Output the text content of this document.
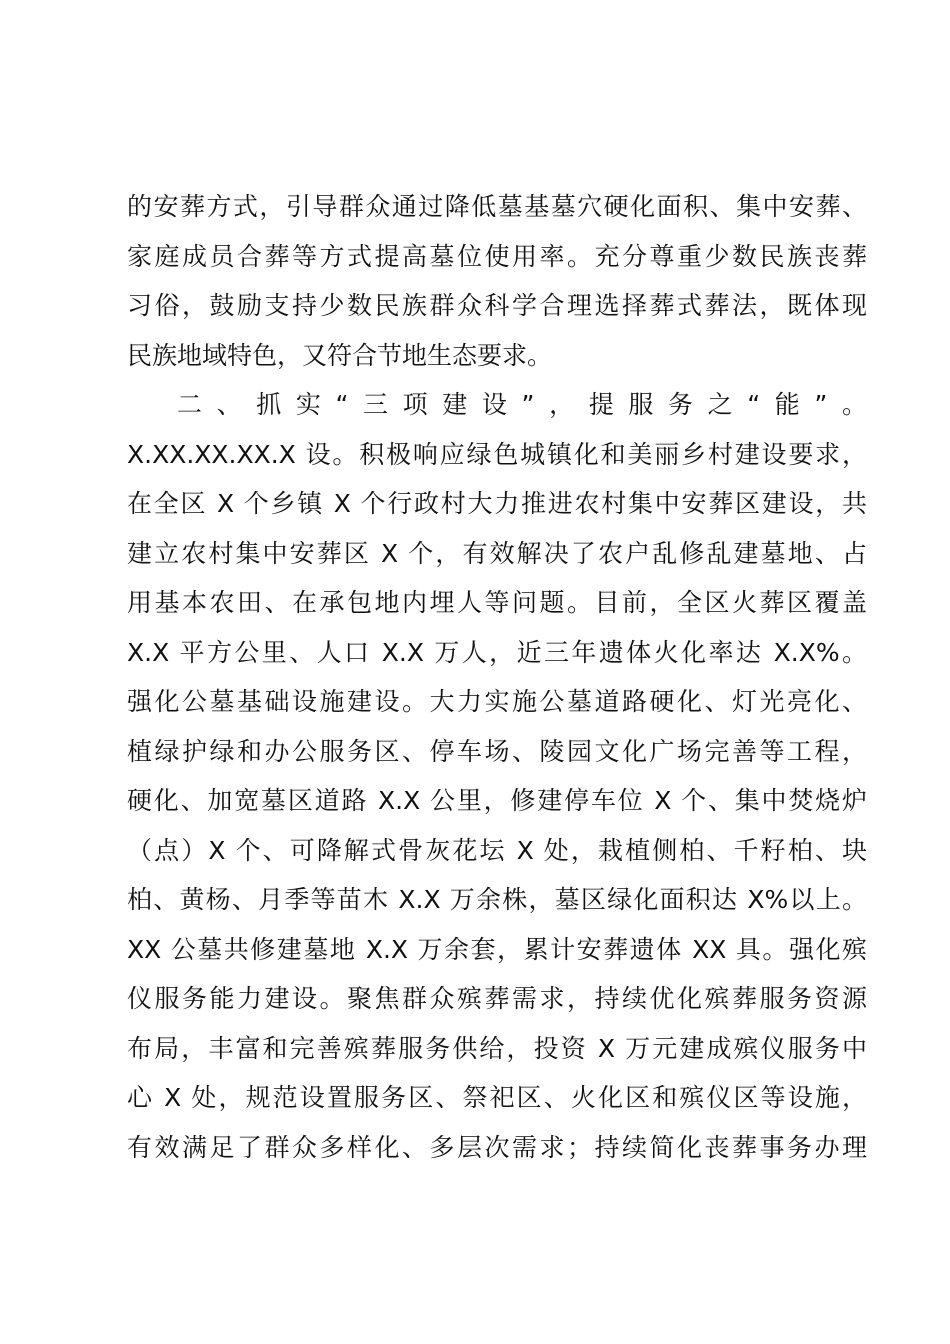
的安葬方式，引导群众通过降低墓基墓穴硬化面积、集中安葬、
家庭成员合葬等方式提高墓位使用率。充分尊重少数民族丧葬
习俗，鼓励支持少数民族群众科学合理选择葬式葬法，既体现
民族地域特色，又符合节地生态要求。
二、抓实“三项建设”，提服务之“能”。
X.XX.XX.XX.X 设。积极响应绿色城镇化和美丽乡村建设要求，
在全区 X 个乡镇 X 个行政村大力推进农村集中安葬区建设，共
建立农村集中安葬区 X 个，有效解决了农户乱修乱建墓地、占
用基本农田、在承包地内埋人等问题。目前，全区火葬区覆盖
X.X 平方公里、人口 X.X 万人，近三年遗体火化率达 X.X%。
强化公墓基础设施建设。大力实施公墓道路硬化、灯光亮化、
植绿护绿和办公服务区、停车场、陵园文化广场完善等工程，
硬化、加宽墓区道路 X.X 公里，修建停车位 X 个、集中焚烧炉
（点）X 个、可降解式骨灰花坛 X 处，栽植侧柏、千籽柏、块
柏、黄杨、月季等苗木 X.X 万余株，墓区绿化面积达 X%以上。
XX 公墓共修建墓地 X.X 万余套，累计安葬遗体 XX 具。强化殡
仪服务能力建设。聚焦群众殡葬需求，持续优化殡葬服务资源
布局，丰富和完善殡葬服务供给，投资 X 万元建成殡仪服务中
心 X 处，规范设置服务区、祭祀区、火化区和殡仪区等设施，
有效满足了群众多样化、多层次需求；持续简化丧葬事务办理
